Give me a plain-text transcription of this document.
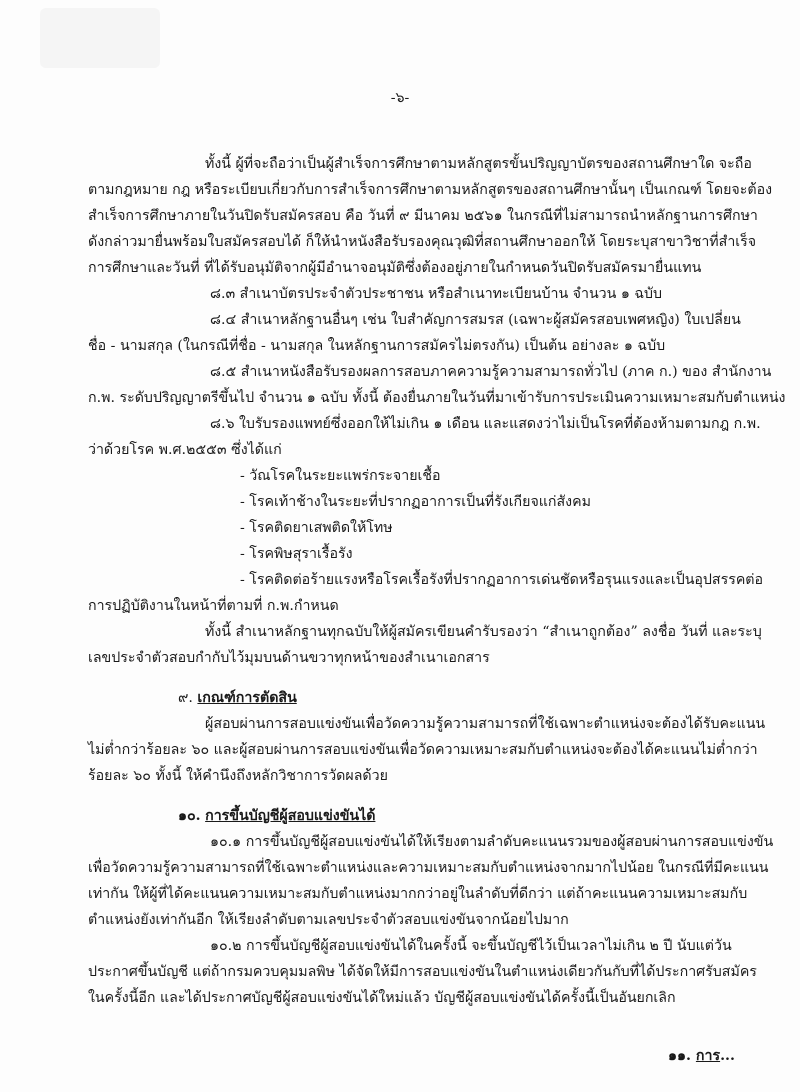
-๖-
ทั้งนี้ ผู้ที่จะถือว่าเป็นผู้สำเร็จการศึกษาตามหลักสูตรขั้นปริญญาบัตรของสถานศึกษาใด จะถือ
ตามกฎหมาย กฎ หรือระเบียบเกี่ยวกับการสำเร็จการศึกษาตามหลักสูตรของสถานศึกษานั้นๆ เป็นเกณฑ์ โดยจะต้อง
สำเร็จการศึกษาภายในวันปิดรับสมัครสอบ คือ วันที่ ๙ มีนาคม ๒๕๖๑ ในกรณีที่ไม่สามารถนำหลักฐานการศึกษา
ดังกล่าวมายื่นพร้อมใบสมัครสอบได้ ก็ให้นำหนังสือรับรองคุณวุฒิที่สถานศึกษาออกให้ โดยระบุสาขาวิชาที่สำเร็จ
การศึกษาและวันที่ ที่ได้รับอนุมัติจากผู้มีอำนาจอนุมัติซึ่งต้องอยู่ภายในกำหนดวันปิดรับสมัครมายื่นแทน
๘.๓ สำเนาบัตรประจำตัวประชาชน หรือสำเนาทะเบียนบ้าน จำนวน ๑ ฉบับ
๘.๔ สำเนาหลักฐานอื่นๆ เช่น ใบสำคัญการสมรส (เฉพาะผู้สมัครสอบเพศหญิง) ใบเปลี่ยน
ชื่อ - นามสกุล (ในกรณีที่ชื่อ - นามสกุล ในหลักฐานการสมัครไม่ตรงกัน) เป็นต้น อย่างละ ๑ ฉบับ
๘.๕ สำเนาหนังสือรับรองผลการสอบภาคความรู้ความสามารถทั่วไป (ภาค ก.) ของ สำนักงาน
ก.พ. ระดับปริญญาตรีขึ้นไป จำนวน ๑ ฉบับ ทั้งนี้ ต้องยื่นภายในวันที่มาเข้ารับการประเมินความเหมาะสมกับตำแหน่ง
๘.๖ ใบรับรองแพทย์ซึ่งออกให้ไม่เกิน ๑ เดือน และแสดงว่าไม่เป็นโรคที่ต้องห้ามตามกฎ ก.พ.
ว่าด้วยโรค พ.ศ.๒๕๕๓ ซึ่งได้แก่
- วัณโรคในระยะแพร่กระจายเชื้อ
- โรคเท้าช้างในระยะที่ปรากฏอาการเป็นที่รังเกียจแก่สังคม
- โรคติดยาเสพติดให้โทษ
- โรคพิษสุราเรื้อรัง
- โรคติดต่อร้ายแรงหรือโรคเรื้อรังที่ปรากฏอาการเด่นชัดหรือรุนแรงและเป็นอุปสรรคต่อ
การปฏิบัติงานในหน้าที่ตามที่ ก.พ.กำหนด
ทั้งนี้ สำเนาหลักฐานทุกฉบับให้ผู้สมัครเขียนคำรับรองว่า “สำเนาถูกต้อง” ลงชื่อ วันที่ และระบุ
เลขประจำตัวสอบกำกับไว้มุมบนด้านขวาทุกหน้าของสำเนาเอกสาร
๙. เกณฑ์การตัดสิน
ผู้สอบผ่านการสอบแข่งขันเพื่อวัดความรู้ความสามารถที่ใช้เฉพาะตำแหน่งจะต้องได้รับคะแนน
ไม่ต่ำกว่าร้อยละ ๖๐ และผู้สอบผ่านการสอบแข่งขันเพื่อวัดความเหมาะสมกับตำแหน่งจะต้องได้คะแนนไม่ต่ำกว่า
ร้อยละ ๖๐ ทั้งนี้ ให้คำนึงถึงหลักวิชาการวัดผลด้วย
๑๐. การขึ้นบัญชีผู้สอบแข่งขันได้
๑๐.๑ การขึ้นบัญชีผู้สอบแข่งขันได้ให้เรียงตามลำดับคะแนนรวมของผู้สอบผ่านการสอบแข่งขัน
เพื่อวัดความรู้ความสามารถที่ใช้เฉพาะตำแหน่งและความเหมาะสมกับตำแหน่งจากมากไปน้อย ในกรณีที่มีคะแนน
เท่ากัน ให้ผู้ที่ได้คะแนนความเหมาะสมกับตำแหน่งมากกว่าอยู่ในลำดับที่ดีกว่า แต่ถ้าคะแนนความเหมาะสมกับ
ตำแหน่งยังเท่ากันอีก ให้เรียงลำดับตามเลขประจำตัวสอบแข่งขันจากน้อยไปมาก
๑๐.๒ การขึ้นบัญชีผู้สอบแข่งขันได้ในครั้งนี้ จะขึ้นบัญชีไว้เป็นเวลาไม่เกิน ๒ ปี นับแต่วัน
ประกาศขึ้นบัญชี แต่ถ้ากรมควบคุมมลพิษ ได้จัดให้มีการสอบแข่งขันในตำแหน่งเดียวกันกับที่ได้ประกาศรับสมัคร
ในครั้งนี้อีก และได้ประกาศบัญชีผู้สอบแข่งขันได้ใหม่แล้ว บัญชีผู้สอบแข่งขันได้ครั้งนี้เป็นอันยกเลิก
๑๑. การ...
